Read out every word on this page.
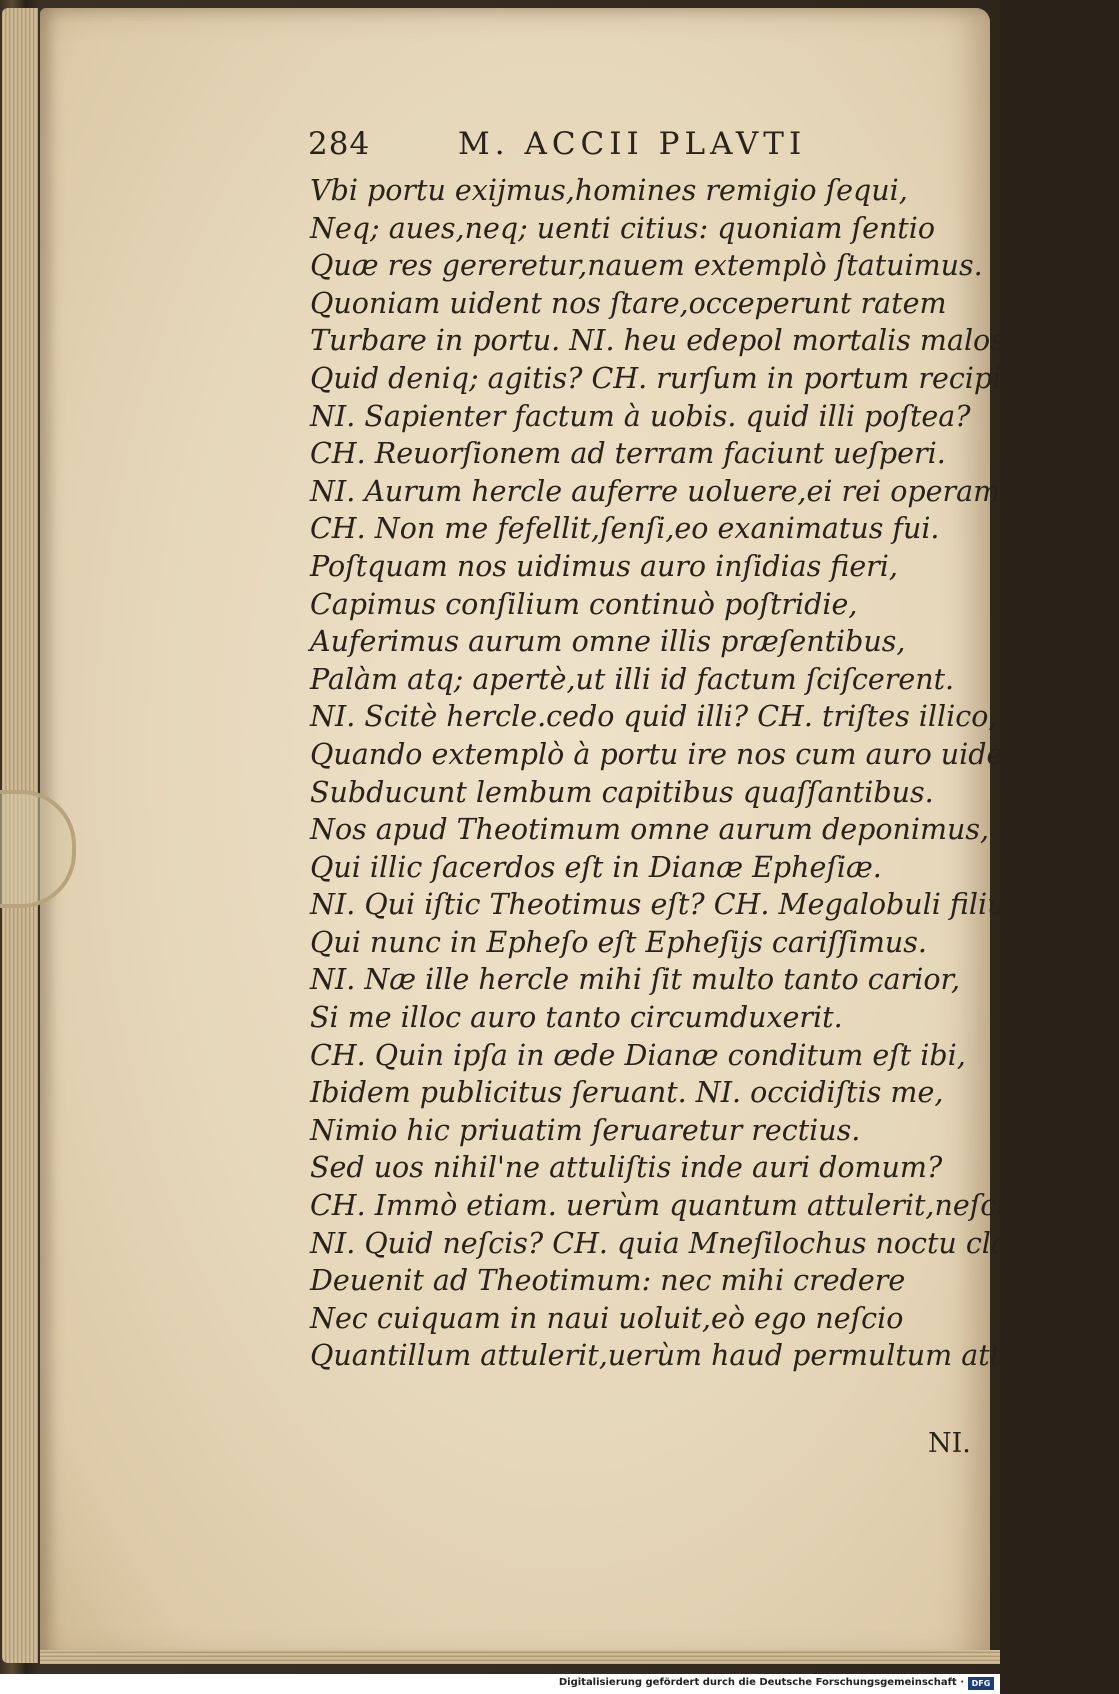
284	M. ACCII PLAVTI
Vbi portu exijmus,homines remigio ſequi,
Neq; aues,neq; uenti citius: quoniam ſentio
Quæ res gereretur,nauem extemplò ſtatuimus.
Quoniam uident nos ſtare,occeperunt ratem
Turbare in portu. NI. heu edepol mortalis malos.
Quid deniq; agitis? CH. rurſum in portum recipimus.
NI. Sapienter factum à uobis. quid illi poſtea?
CH. Reuorſionem ad terram faciunt ueſperi.
NI. Aurum hercle auferre uoluere,ei rei operam dabant.
CH. Non me fefellit,ſenſi,eo exanimatus fui.
Poſtquam nos uidimus auro inſidias fieri,
Capimus conſilium continuò poſtridie,
Auferimus aurum omne illis præſentibus,
Palàm atq; apertè,ut illi id factum ſciſcerent.
NI. Scitè hercle.cedo quid illi? CH. triſtes illico,
Quando extemplò à portu ire nos cum auro uident,
Subducunt lembum capitibus quaſſantibus.
Nos apud Theotimum omne aurum deponimus,
Qui illic ſacerdos eſt in Dianæ Epheſiæ.
NI. Qui iſtic Theotimus eſt? CH. Megalobuli filius,
Qui nunc in Epheſo eſt Epheſijs cariſſimus.
NI. Næ ille hercle mihi ſit multo tanto carior,
Si me illoc auro tanto circumduxerit.
CH. Quin ipſa in æde Dianæ conditum eſt ibi,
Ibidem publicitus ſeruant. NI. occidiſtis me,
Nimio hic priuatim ſeruaretur rectius.
Sed uos nihil'ne attuliſtis inde auri domum?
CH. Immò etiam. uerùm quantum attulerit,neſcio.
NI. Quid neſcis? CH. quia Mneſilochus noctu clanculum
Deuenit ad Theotimum: nec mihi credere
Nec cuiquam in naui uoluit,eò ego neſcio
Quantillum attulerit,uerùm haud permultum attulit.
NI.
Digitalisierung gefördert durch die Deutsche Forschungsgemeinschaft · DFG
